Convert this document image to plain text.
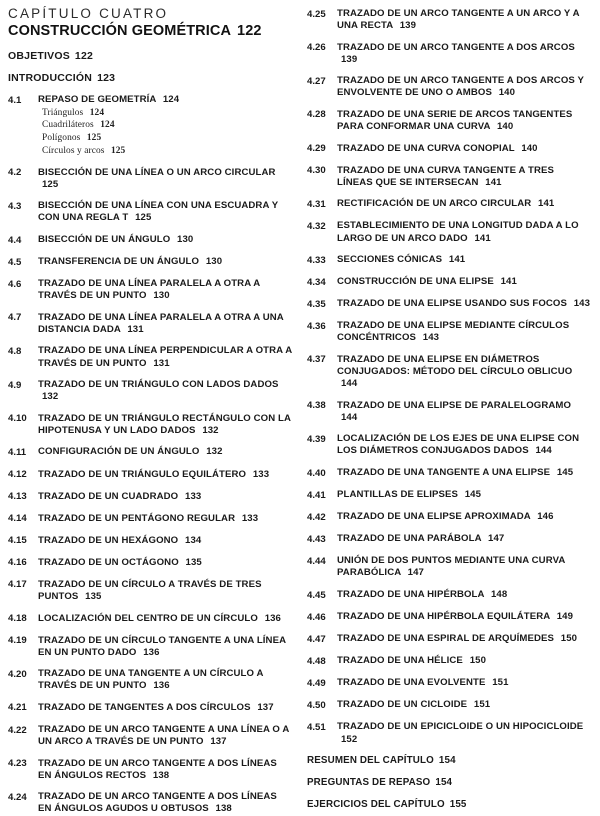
CAPÍTULO CUATRO
CONSTRUCCIÓN GEOMÉTRICA 122
OBJETIVOS 122
INTRODUCCIÓN 123
4.1	REPASO DE GEOMETRÍA 124
Triángulos 124
Cuadriláteros 124
Polígonos 125
Círculos y arcos 125
4.2	BISECCIÓN DE UNA LÍNEA O UN ARCO CIRCULAR 125
4.3	BISECCIÓN DE UNA LÍNEA CON UNA ESCUADRA Y CON UNA REGLA T 125
4.4	BISECCIÓN DE UN ÁNGULO 130
4.5	TRANSFERENCIA DE UN ÁNGULO 130
4.6	TRAZADO DE UNA LÍNEA PARALELA A OTRA A TRAVÉS DE UN PUNTO 130
4.7	TRAZADO DE UNA LÍNEA PARALELA A OTRA A UNA DISTANCIA DADA 131
4.8	TRAZADO DE UNA LÍNEA PERPENDICULAR A OTRA A TRAVÉS DE UN PUNTO 131
4.9	TRAZADO DE UN TRIÁNGULO CON LADOS DADOS 132
4.10	TRAZADO DE UN TRIÁNGULO RECTÁNGULO CON LA HIPOTENUSA Y UN LADO DADOS 132
4.11	CONFIGURACIÓN DE UN ÁNGULO 132
4.12	TRAZADO DE UN TRIÁNGULO EQUILÁTERO 133
4.13	TRAZADO DE UN CUADRADO 133
4.14	TRAZADO DE UN PENTÁGONO REGULAR 133
4.15	TRAZADO DE UN HEXÁGONO 134
4.16	TRAZADO DE UN OCTÁGONO 135
4.17	TRAZADO DE UN CÍRCULO A TRAVÉS DE TRES PUNTOS 135
4.18	LOCALIZACIÓN DEL CENTRO DE UN CÍRCULO 136
4.19	TRAZADO DE UN CÍRCULO TANGENTE A UNA LÍNEA EN UN PUNTO DADO 136
4.20	TRAZADO DE UNA TANGENTE A UN CÍRCULO A TRAVÉS DE UN PUNTO 136
4.21	TRAZADO DE TANGENTES A DOS CÍRCULOS 137
4.22	TRAZADO DE UN ARCO TANGENTE A UNA LÍNEA O A UN ARCO A TRAVÉS DE UN PUNTO 137
4.23	TRAZADO DE UN ARCO TANGENTE A DOS LÍNEAS EN ÁNGULOS RECTOS 138
4.24	TRAZADO DE UN ARCO TANGENTE A DOS LÍNEAS EN ÁNGULOS AGUDOS U OBTUSOS 138
4.25	TRAZADO DE UN ARCO TANGENTE A UN ARCO Y A UNA RECTA 139
4.26	TRAZADO DE UN ARCO TANGENTE A DOS ARCOS 139
4.27	TRAZADO DE UN ARCO TANGENTE A DOS ARCOS Y ENVOLVENTE DE UNO O AMBOS 140
4.28	TRAZADO DE UNA SERIE DE ARCOS TANGENTES PARA CONFORMAR UNA CURVA 140
4.29	TRAZADO DE UNA CURVA CONOPIAL 140
4.30	TRAZADO DE UNA CURVA TANGENTE A TRES LÍNEAS QUE SE INTERSECAN 141
4.31	RECTIFICACIÓN DE UN ARCO CIRCULAR 141
4.32	ESTABLECIMIENTO DE UNA LONGITUD DADA A LO LARGO DE UN ARCO DADO 141
4.33	SECCIONES CÓNICAS 141
4.34	CONSTRUCCIÓN DE UNA ELIPSE 141
4.35	TRAZADO DE UNA ELIPSE USANDO SUS FOCOS 143
4.36	TRAZADO DE UNA ELIPSE MEDIANTE CÍRCULOS CONCÉNTRICOS 143
4.37	TRAZADO DE UNA ELIPSE EN DIÁMETROS CONJUGADOS: MÉTODO DEL CÍRCULO OBLICUO 144
4.38	TRAZADO DE UNA ELIPSE DE PARALELOGRAMO 144
4.39	LOCALIZACIÓN DE LOS EJES DE UNA ELIPSE CON LOS DIÁMETROS CONJUGADOS DADOS 144
4.40	TRAZADO DE UNA TANGENTE A UNA ELIPSE 145
4.41	PLANTILLAS DE ELIPSES 145
4.42	TRAZADO DE UNA ELIPSE APROXIMADA 146
4.43	TRAZADO DE UNA PARÁBOLA 147
4.44	UNIÓN DE DOS PUNTOS MEDIANTE UNA CURVA PARABÓLICA 147
4.45	TRAZADO DE UNA HIPÉRBOLA 148
4.46	TRAZADO DE UNA HIPÉRBOLA EQUILÁTERA 149
4.47	TRAZADO DE UNA ESPIRAL DE ARQUÍMEDES 150
4.48	TRAZADO DE UNA HÉLICE 150
4.49	TRAZADO DE UNA EVOLVENTE 151
4.50	TRAZADO DE UN CICLOIDE 151
4.51	TRAZADO DE UN EPICICLOIDE O UN HIPOCICLOIDE 152
RESUMEN DEL CAPÍTULO 154
PREGUNTAS DE REPASO 154
EJERCICIOS DEL CAPÍTULO 155
